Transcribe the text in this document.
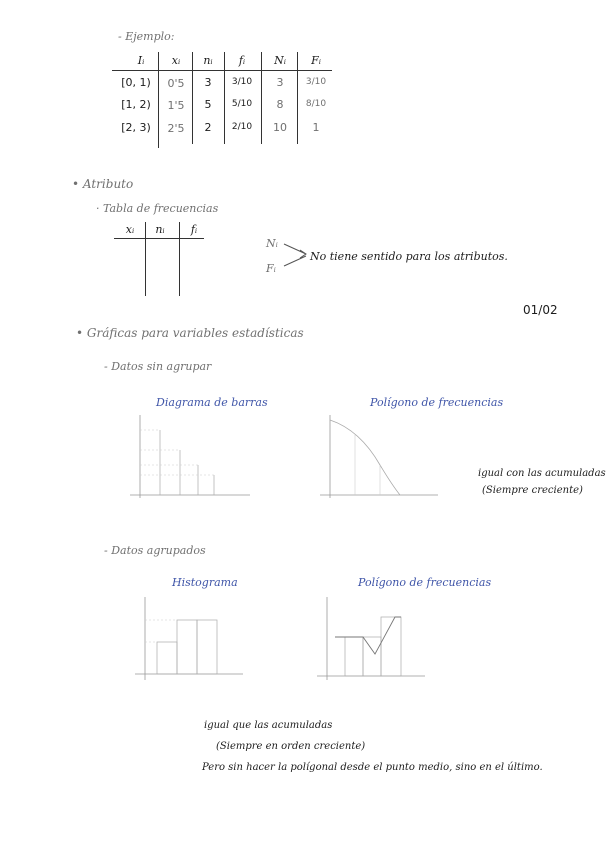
- Ejemplo:
Iᵢ	xᵢ	nᵢ	fᵢ	Nᵢ	Fᵢ
[0, 1)	0'5	3	3/10	3	3/10
[1, 2)	1'5	5	5/10	8	8/10
[2, 3)	2'5	2	2/10	10	1
• Atributo
· Tabla de frecuencias
xᵢ	nᵢ	fᵢ
Nᵢ
Fᵢ
No tiene sentido para los atributos.
01/02
• Gráficas para variables estadísticas
- Datos sin agrupar
Diagrama de barras	Polígono de frecuencias
igual con las acumuladas
(Siempre creciente)
- Datos agrupados
Histograma	Polígono de frecuencias
igual que las acumuladas
(Siempre en orden creciente)
Pero sin hacer la polígonal desde el punto medio, sino en el último.
